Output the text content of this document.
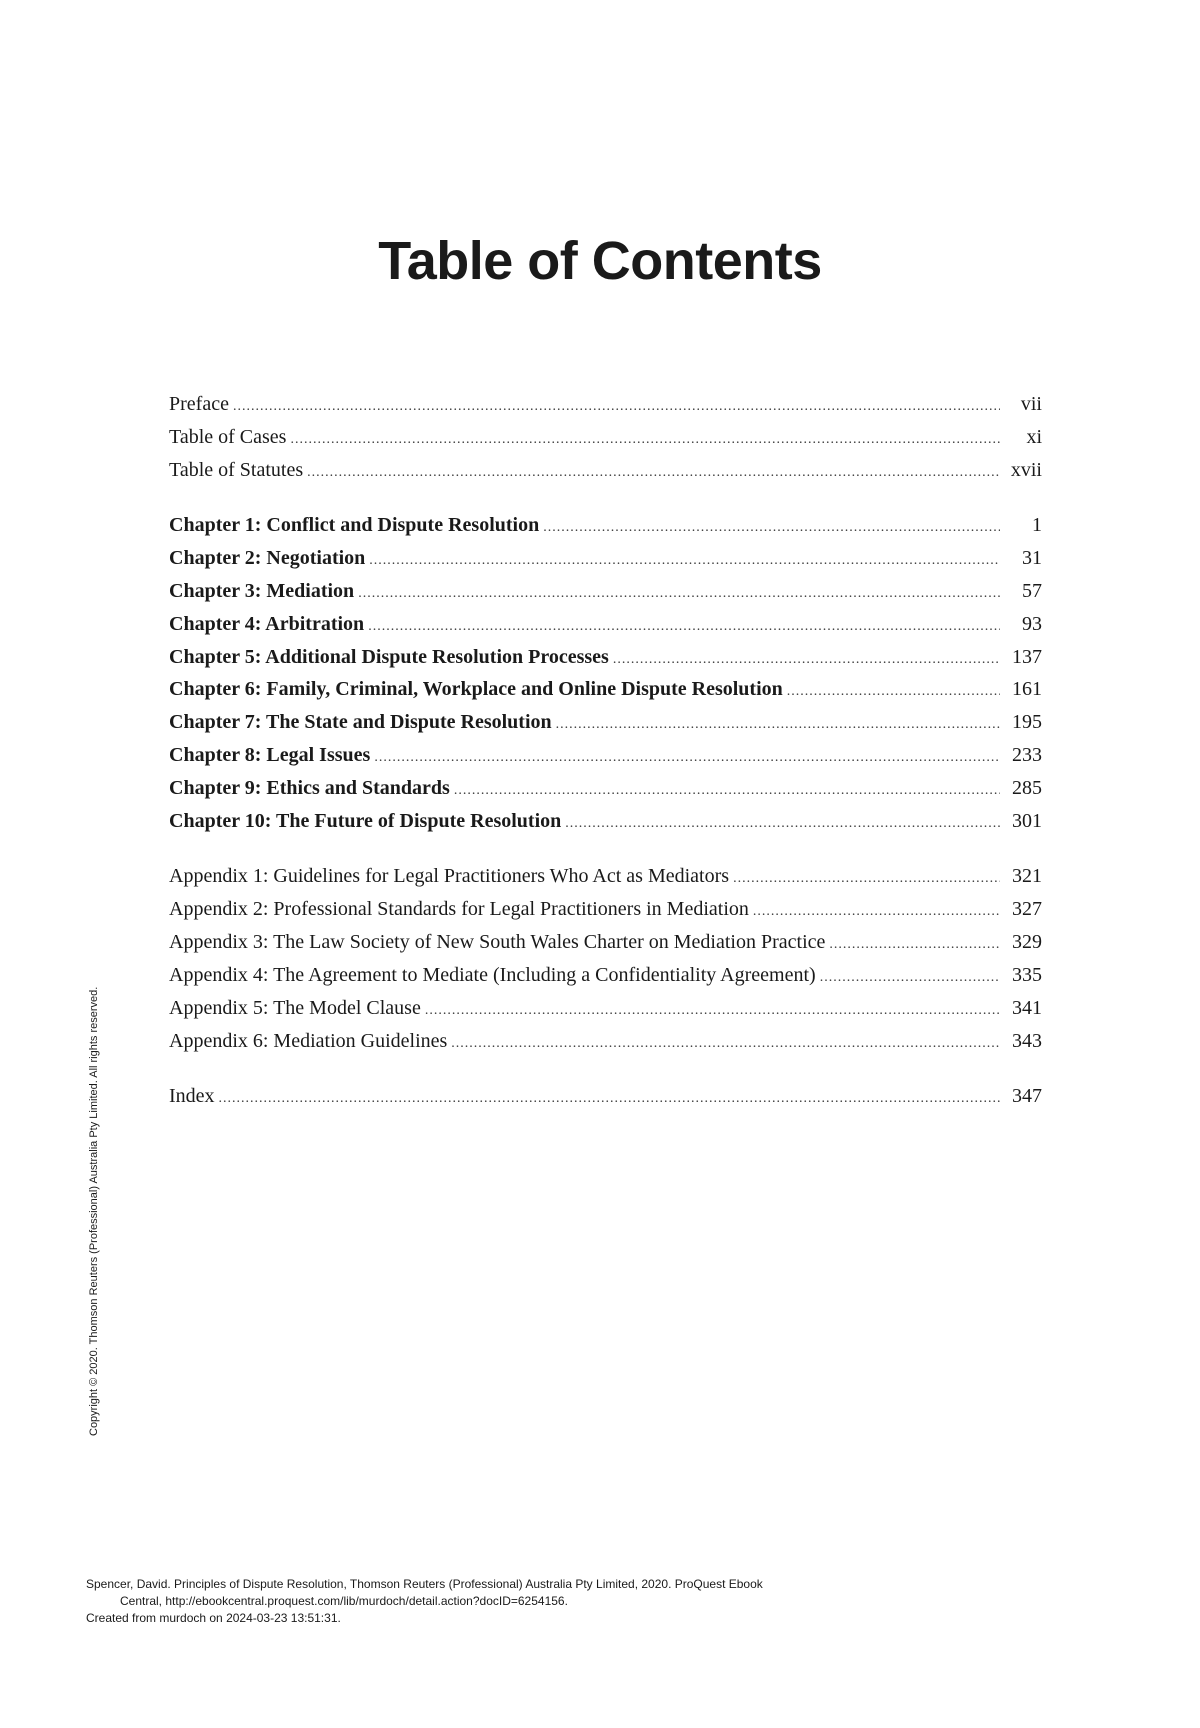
Table of Contents
Preface .....	vii
Table of Cases .....	xi
Table of Statutes .....	xvii
Chapter 1: Conflict and Dispute Resolution .....	1
Chapter 2: Negotiation .....	31
Chapter 3: Mediation .....	57
Chapter 4: Arbitration .....	93
Chapter 5: Additional Dispute Resolution Processes .....	137
Chapter 6: Family, Criminal, Workplace and Online Dispute Resolution .....	161
Chapter 7: The State and Dispute Resolution .....	195
Chapter 8: Legal Issues .....	233
Chapter 9: Ethics and Standards .....	285
Chapter 10: The Future of Dispute Resolution .....	301
Appendix 1: Guidelines for Legal Practitioners Who Act as Mediators .....	321
Appendix 2: Professional Standards for Legal Practitioners in Mediation .....	327
Appendix 3: The Law Society of New South Wales Charter on Mediation Practice .....	329
Appendix 4: The Agreement to Mediate (Including a Confidentiality Agreement) .....	335
Appendix 5: The Model Clause .....	341
Appendix 6: Mediation Guidelines .....	343
Index .....	347
Copyright © 2020. Thomson Reuters (Professional) Australia Pty Limited. All rights reserved.
Spencer, David. Principles of Dispute Resolution, Thomson Reuters (Professional) Australia Pty Limited, 2020. ProQuest Ebook
Central, http://ebookcentral.proquest.com/lib/murdoch/detail.action?docID=6254156.
Created from murdoch on 2024-03-23 13:51:31.
